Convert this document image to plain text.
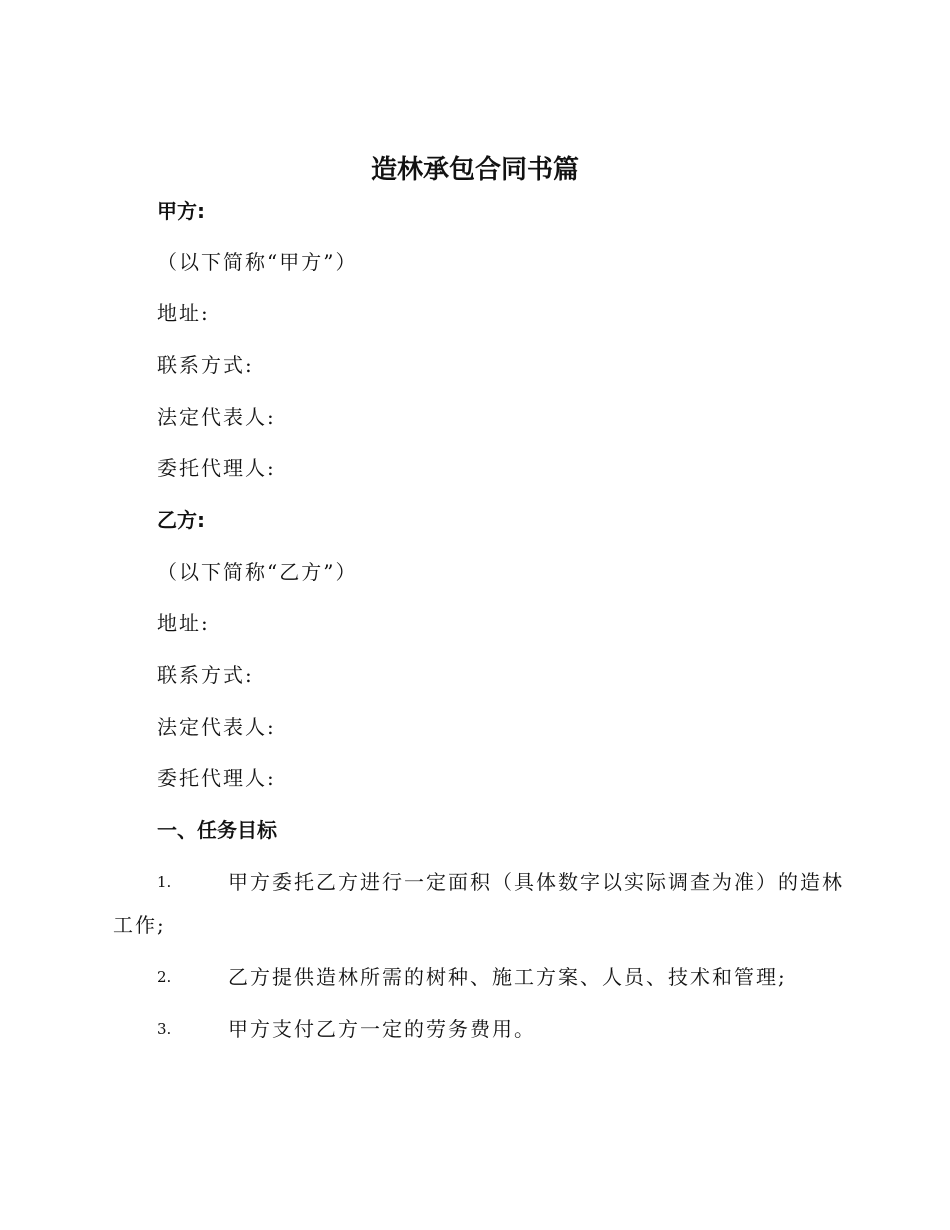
造林承包合同书篇
甲方:
（以下简称“甲方”）
地址:
联系方式:
法定代表人:
委托代理人:
乙方:
（以下简称“乙方”）
地址:
联系方式:
法定代表人:
委托代理人:
一、任务目标
1.	甲方委托乙方进行一定面积（具体数字以实际调查为准）的造林
工作;
2.	乙方提供造林所需的树种、施工方案、人员、技术和管理;
3.	甲方支付乙方一定的劳务费用。
